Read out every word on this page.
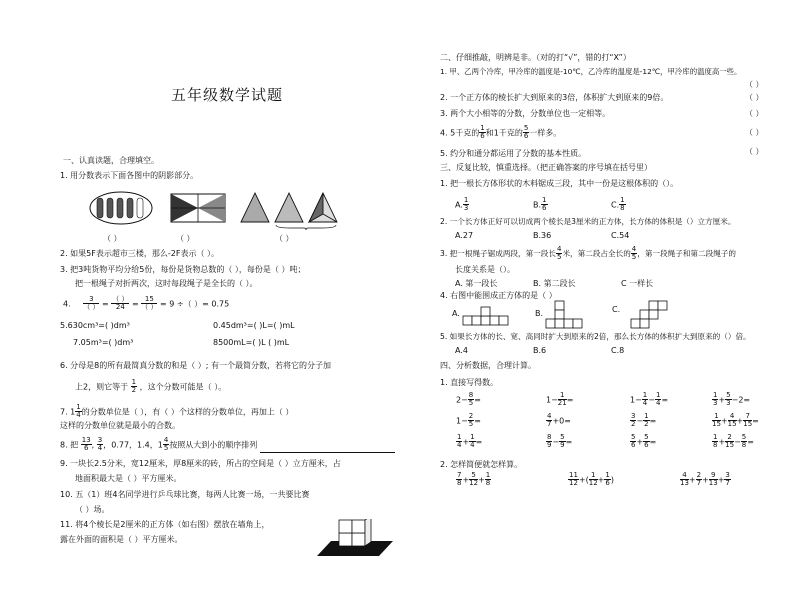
五年级数学试题
一、认真读题，合理填空。
1. 用分数表示下面各图中的阴影部分。
（ ）	（ ）	（ ）
2. 如果5F表示超市三楼，那么-2F表示（ ）。
3. 把3吨货物平均分给5份，每份是货物总数的（ ），每份是（ ）吨；
把一根绳子对折两次，这时每段绳子是全长的（ ）。
4. $\frac{3}{( )} = \frac{( )}{24} = \frac{15}{( )} = 9$ ÷（ ）= 0.75
5.630cm³=( )dm³	0.45dm³=( )L=( )mL
7.05m³=( )dm³	8500mL=( )L ( )mL
6. 分母是8的所有最简真分数的和是（ ）; 有一个最简分数，若将它的分子加
上2，则它等于 $\frac{1}{2}$ ，这个分数可能是（ ）。
7. $1 \frac{1}{4}$ 的分数单位是（ ），有（ ）个这样的分数单位，再加上（ ）
这样的分数单位就是最小的合数。
8. 把 $\frac{13}{6}$ , $\frac{3}{4}$ ，0.77，1.4，$1 \frac{4}{5}$ 按照从大到小的顺序排列
9. 一块长2.5分米，宽12厘米，厚8厘米的砖，所占的空间是（ ）立方厘米，占
地面积最大是（ ）平方厘米。
10. 五（1）班4名同学进行乒乓球比赛，每两人比赛一场，一共要比赛
（ ）场。
11. 将4个棱长是2厘米的正方体（如右图）摆放在墙角上，
露在外面的面积是（ ）平方厘米。
二、仔细推敲，明辨是非。（对的打“√”，错的打“X”）
1. 甲、乙两个冷库，甲冷库的温度是-10℃，乙冷库的温度是-12℃，甲冷库的温度高一些。
（ ）
2. 一个正方体的棱长扩大到原来的3倍，体积扩大到原来的9倍。	（ ）
3. 两个大小相等的分数，分数单位也一定相等。	（ ）
4. 5千克的 $\frac{1}{6}$ 和1千克的 $\frac{5}{6}$ 一样多。	（ ）
5. 约分和通分都运用了分数的基本性质。	（ ）
三、反复比较，慎重选择。（把正确答案的序号填在括号里）
1. 把一根长方体形状的木料锯成三段，其中一份是这根体积的（）。
A. $\frac{1}{3}$	B. $\frac{1}{6}$	C. $\frac{1}{8}$
2. 一个长方体正好可以切成两个棱长是3厘米的正方体，长方体的体积是（）立方厘米。
A.27	B.36	C.54
3. 把一根绳子锯成两段，第一段长 $\frac{4}{5}$ 米，第二段占全长的 $\frac{4}{5}$ ，第一段绳子和第二段绳子的
长度关系是（）。
A. 第一段长	B. 第二段长	C 一样长
4. 右图中能围成正方体的是（ ）
A.	B.	C.
5. 如果长方体的长、宽、高同时扩大到原来的2倍，那么长方体的体积扩大到原来的（）倍。
A.4	B.6	C.8
四、分析数据，合理计算。
1. 直接写得数。
$2- \frac{8}{5}$ =	$1- \frac{1}{21}$ =	$1- \frac{1}{4} - \frac{1}{4}$ =	$\frac{1}{3} + \frac{5}{3} -2=$
$1- \frac{2}{5}$ =	$\frac{4}{7} +0=$	$\frac{3}{2} - \frac{1}{2}$ =	$\frac{1}{15} + \frac{4}{15} + \frac{7}{15}$ =
$\frac{1}{4} + \frac{1}{4}$ =	$\frac{8}{9} - \frac{5}{9}$ =	$\frac{5}{6} + \frac{5}{6}$ =	$\frac{1}{8} + \frac{2}{15} - \frac{5}{8}$ =
2. 怎样简便就怎样算。
$\frac{7}{8} + \frac{5}{12} + \frac{1}{8}$	$\frac{11}{12}$ +( $\frac{1}{12} + \frac{1}{6}$ )	$\frac{4}{13} + \frac{2}{7} + \frac{9}{13} + \frac{3}{7}$
